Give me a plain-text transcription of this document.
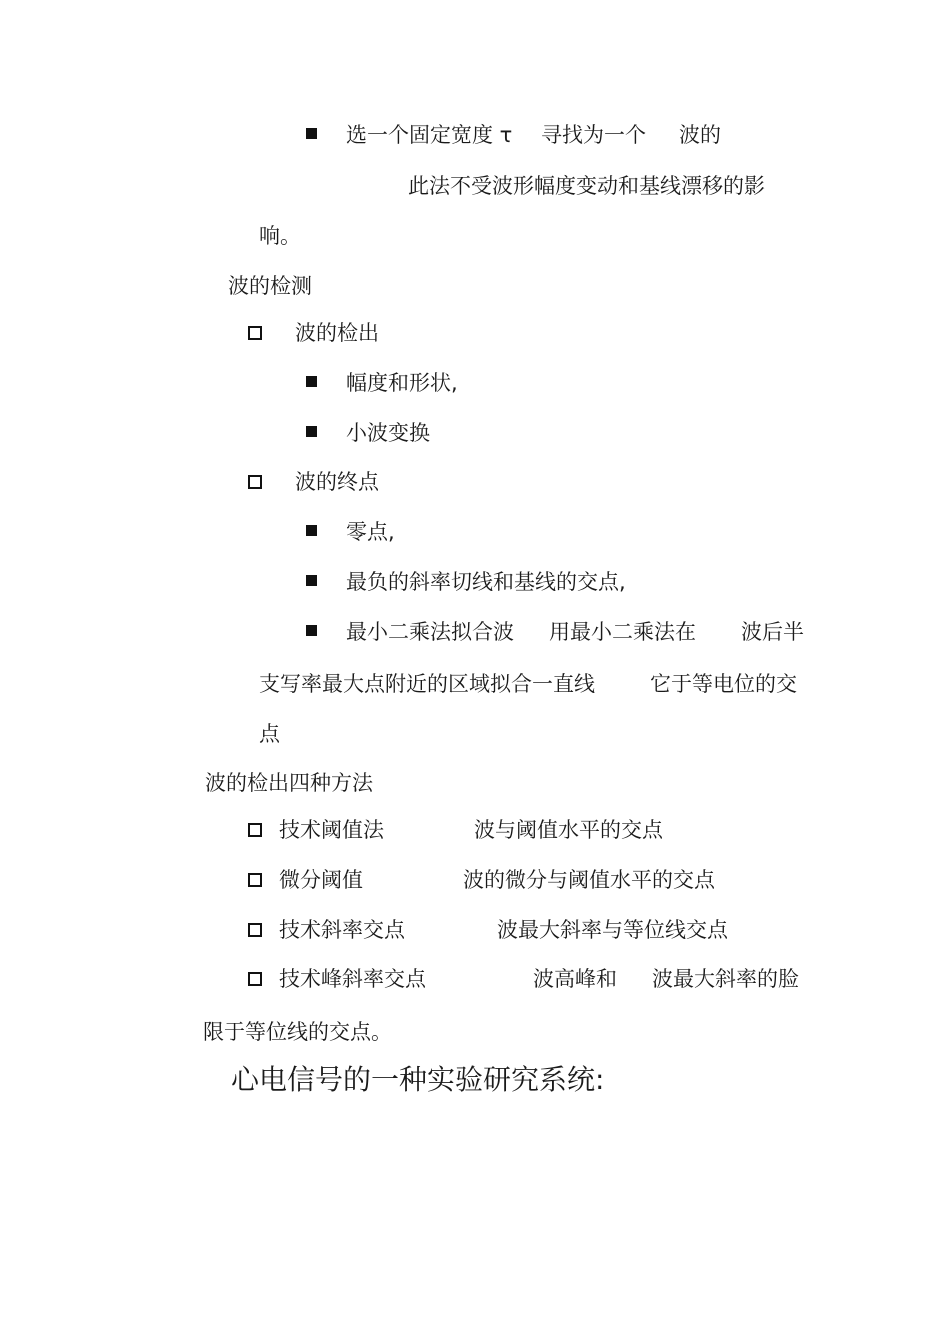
选一个固定宽度 τ 寻找为一个 波的
此法不受波形幅度变动和基线漂移的影
响。
波的检测
波的检出
幅度和形状,
小波变换
波的终点
零点,
最负的斜率切线和基线的交点,
最小二乘法拟合波 用最小二乘法在 波后半
支写率最大点附近的区域拟合一直线	它于等电位的交
点
波的检出四种方法
技术阈值法	波与阈值水平的交点
微分阈值	波的微分与阈值水平的交点
技术斜率交点	波最大斜率与等位线交点
技术峰斜率交点	波高峰和 波最大斜率的脸
限于等位线的交点。
心电信号的一种实验研究系统:
